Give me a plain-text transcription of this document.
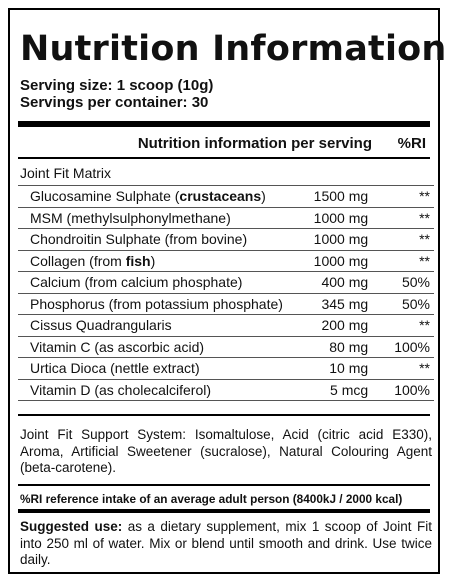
Nutrition Information
Serving size: 1 scoop (10g)
Servings per container: 30
Nutrition information per serving %RI
Joint Fit Matrix
Glucosamine Sulphate (crustaceans)	1500 mg	**
MSM (methylsulphonylmethane)	1000 mg	**
Chondroitin Sulphate (from bovine)	1000 mg	**
Collagen (from fish)	1000 mg	**
Calcium (from calcium phosphate)	400 mg	50%
Phosphorus (from potassium phosphate)	345 mg	50%
Cissus Quadrangularis	200 mg	**
Vitamin C (as ascorbic acid)	80 mg	100%
Urtica Dioca (nettle extract)	10 mg	**
Vitamin D (as cholecalciferol)	5 mcg	100%
Joint Fit Support System: Isomaltulose, Acid (citric acid E330), Aroma, Artificial Sweetener (sucralose), Natural Colouring Agent (beta-carotene).
%RI reference intake of an average adult person (8400kJ / 2000 kcal)
Suggested use: as a dietary supplement, mix 1 scoop of Joint Fit into 250 ml of water. Mix or blend until smooth and drink. Use twice daily.
